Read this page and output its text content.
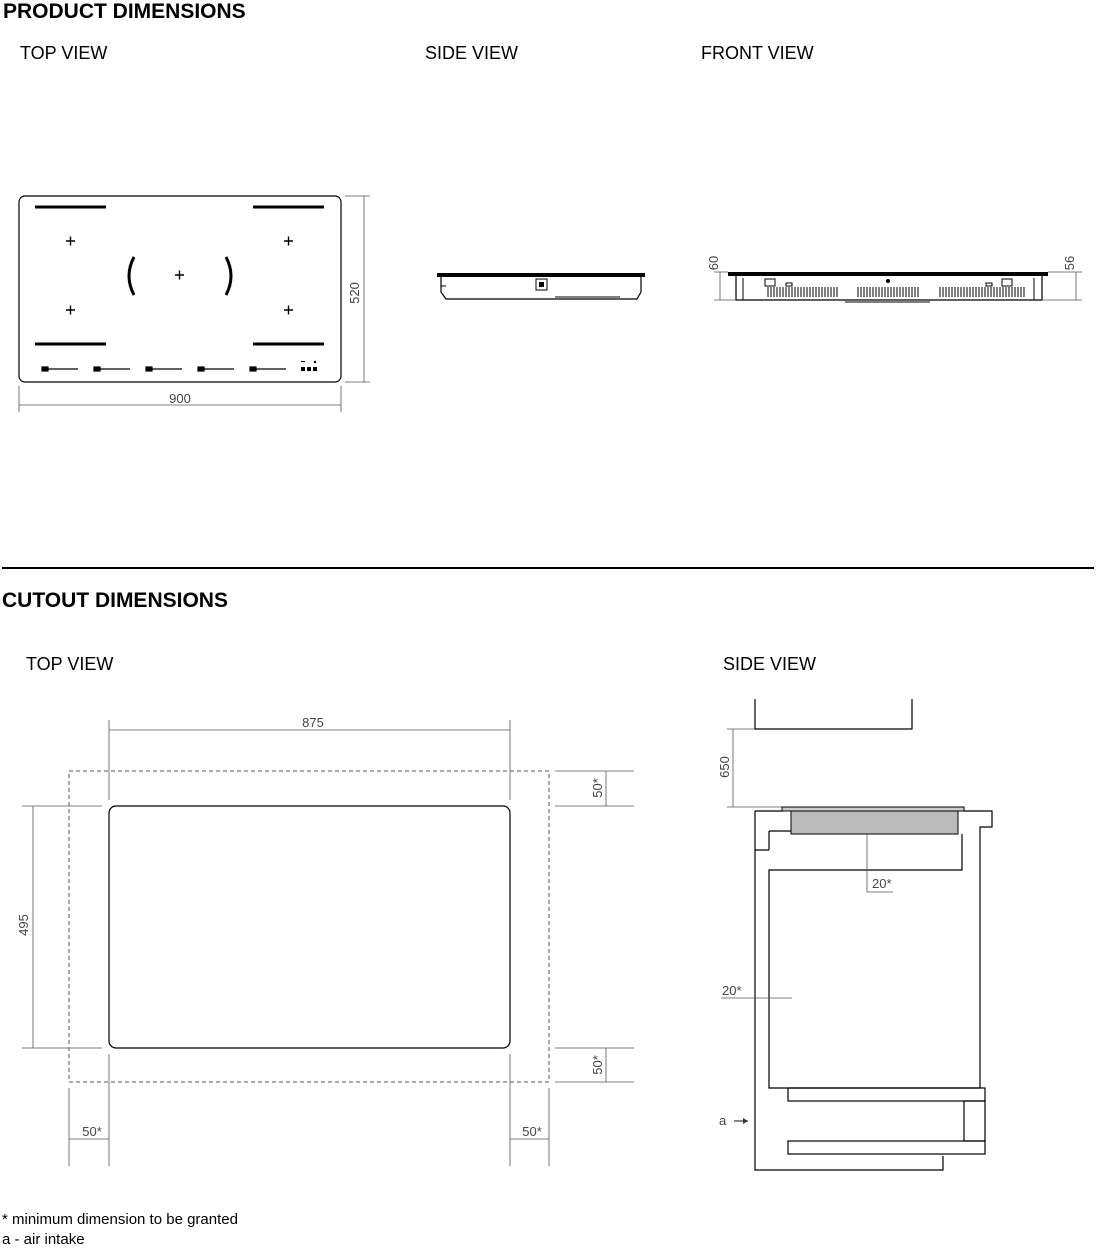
PRODUCT DIMENSIONS
TOP VIEW	SIDE VIEW	FRONT VIEW
900
520
60	56
CUTOUT DIMENSIONS
TOP VIEW	SIDE VIEW
875
495
50*
50*
50*	50*
650
20*
20*
a
* minimum dimension to be granted
a - air intake
